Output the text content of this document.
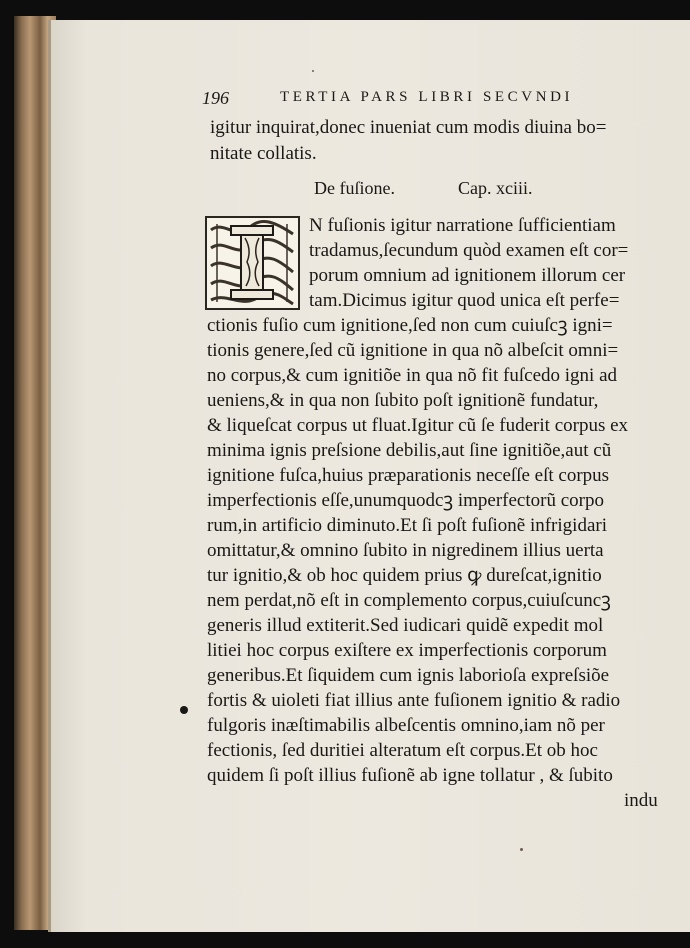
196	TERTIA PARS LIBRI SECVNDI
igitur inquirat,donec inueniat cum modis diuina bo=
nitate collatis.
N fuſionis igitur narratione ſufficientiam
tradamus,ſecundum quòd examen eſt cor=
porum omnium ad ignitionem illorum cer
tam.Dicimus igitur quod unica eſt perfe=
ctionis fuſio cum ignitione,ſed non cum cuiuſcꝫ igni=
tionis genere,ſed cũ ignitione in qua nõ albeſcit omni=
no corpus,& cum ignitiõe in qua nõ fit fuſcedo igni ad
ueniens,& in qua non ſubito poſt ignitionẽ fundatur,
& liqueſcat corpus ut fluat.Igitur cũ ſe fuderit corpus ex
minima ignis preſsione debilis,aut ſine ignitiõe,aut cũ
ignitione fuſca,huius præparationis neceſſe eſt corpus
imperfectionis eſſe,unumquodcꝫ imperfectorũ corpo
rum,in artificio diminuto.Et ſi poſt fuſionẽ infrigidari
omittatur,& omnino ſubito in nigredinem illius uerta
tur ignitio,& ob hoc quidem prius ꝙ dureſcat,ignitio
nem perdat,nõ eſt in complemento corpus,cuiuſcuncꝫ
generis illud extiterit.Sed iudicari quidẽ expedit mol
litiei hoc corpus exiſtere ex imperfectionis corporum
generibus.Et ſiquidem cum ignis laborioſa expreſsiõe
fortis & uioleti fiat illius ante fuſionem ignitio & radio
fulgoris inæſtimabilis albeſcentis omnino,iam nõ per
fectionis, ſed duritiei alteratum eſt corpus.Et ob hoc
quidem ſi poſt illius fuſionẽ ab igne tollatur , & ſubito
indu
De fuſione.	Cap. xciii.
